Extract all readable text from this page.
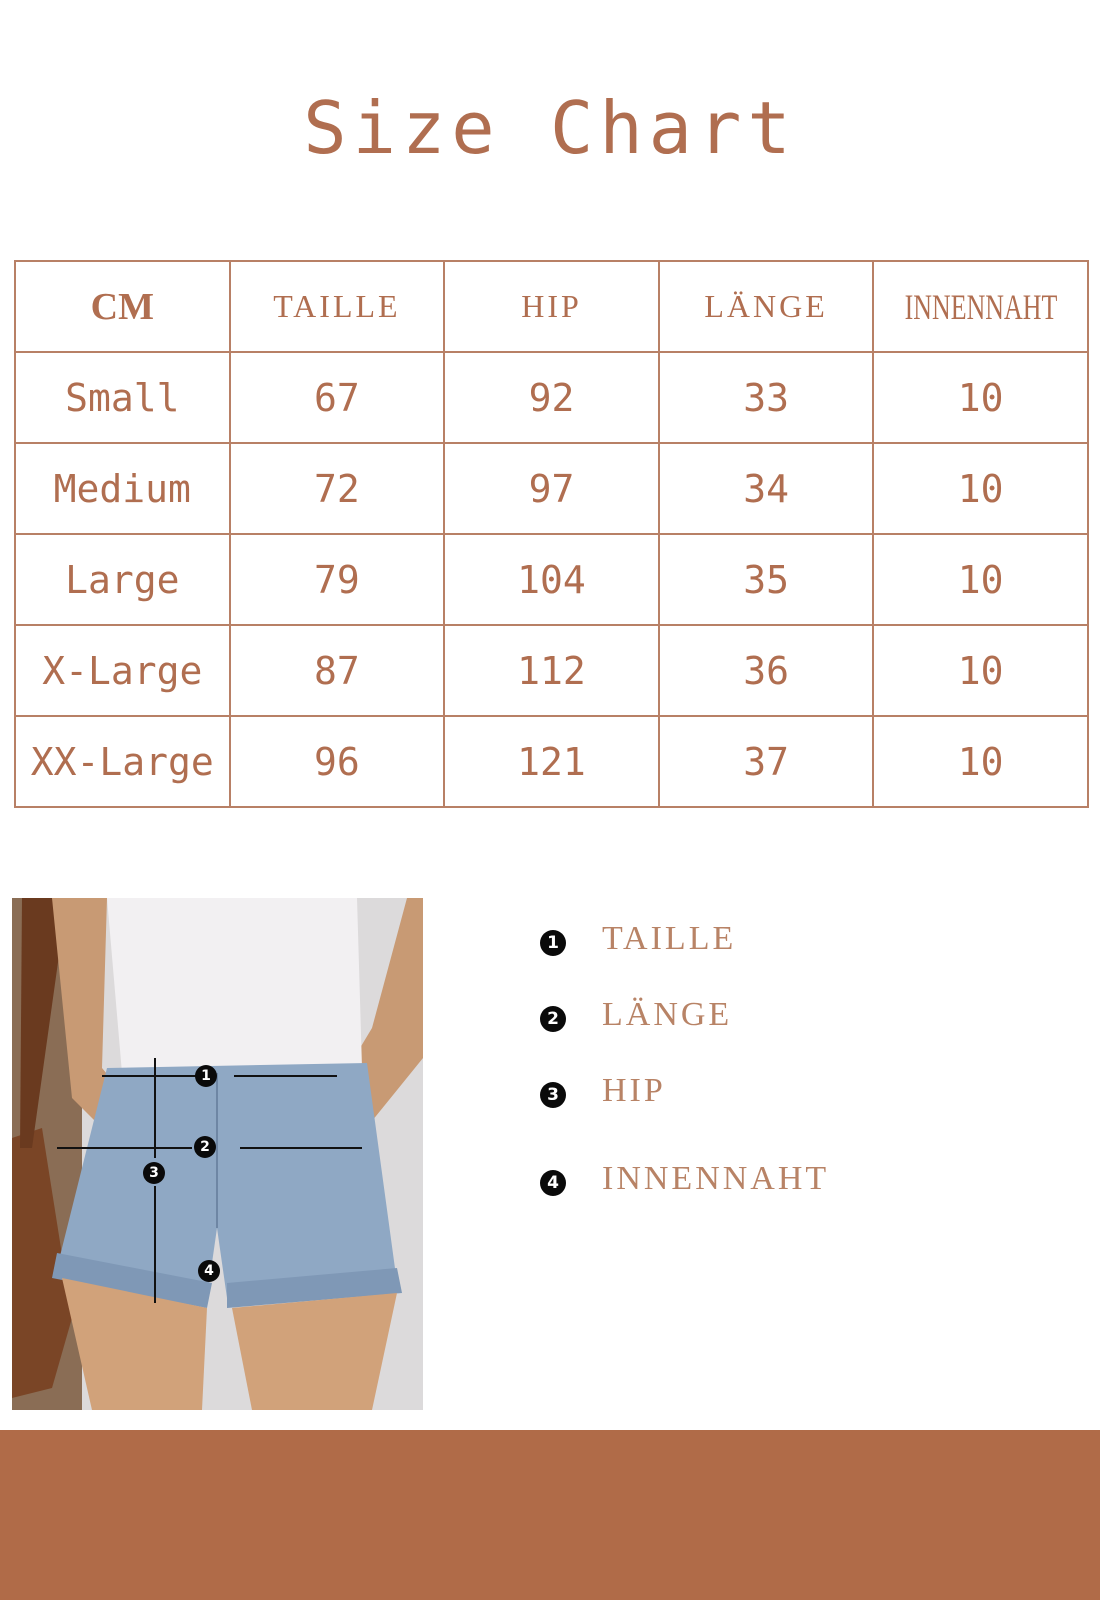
Size Chart
CM	TAILLE	HIP	LÄNGE	INNENNAHT
Small	67	92	33	10
Medium	72	97	34	10
Large	79	104	35	10
X-Large	87	112	36	10
XX-Large	96	121	37	10
1
2
3
4
1 TAILLE
2 LÄNGE
3 HIP
4 INNENNAHT
